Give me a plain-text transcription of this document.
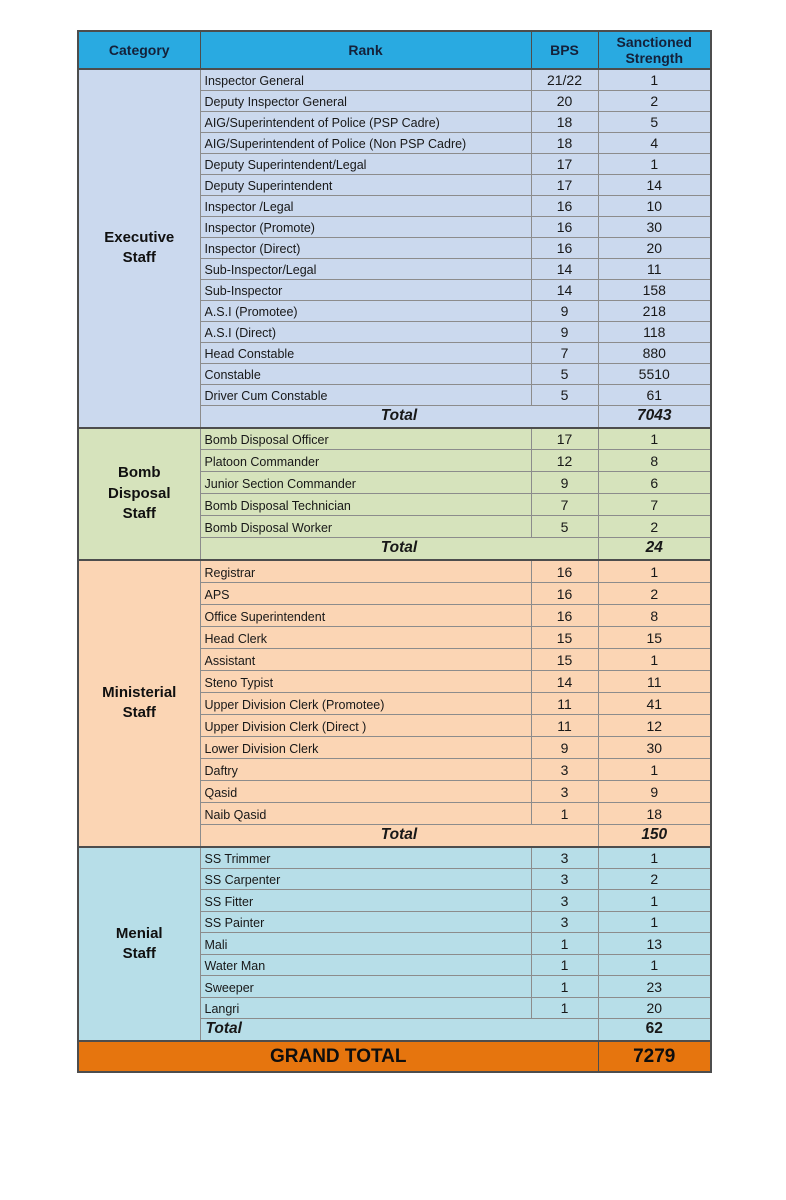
Category	Rank	BPS	Sanctioned Strength

Executive
Staff	Inspector General	21/22	1
	Deputy Inspector General	20	2
	AIG/Superintendent of Police (PSP Cadre)	18	5
	AIG/Superintendent of Police (Non PSP Cadre)	18	4
	Deputy Superintendent/Legal	17	1
	Deputy Superintendent	17	14
	Inspector /Legal	16	10
	Inspector (Promote)	16	30
	Inspector (Direct)	16	20
	Sub-Inspector/Legal	14	11
	Sub-Inspector	14	158
	A.S.I (Promotee)	9	218
	A.S.I (Direct)	9	118
	Head Constable	7	880
	Constable	5	5510
	Driver Cum Constable	5	61
	Total		7043

Bomb
Disposal
Staff	Bomb Disposal Officer	17	1
	Platoon Commander	12	8
	Junior Section Commander	9	6
	Bomb Disposal Technician	7	7
	Bomb Disposal Worker	5	2
	Total		24

Ministerial
Staff	Registrar	16	1
	APS	16	2
	Office Superintendent	16	8
	Head Clerk	15	15
	Assistant	15	1
	Steno Typist	14	11
	Upper Division Clerk (Promotee)	11	41
	Upper Division Clerk (Direct )	11	12
	Lower Division Clerk	9	30
	Daftry	3	1
	Qasid	3	9
	Naib Qasid	1	18
	Total		150

Menial
Staff	SS Trimmer	3	1
	SS Carpenter	3	2
	SS Fitter	3	1
	SS Painter	3	1
	Mali	1	13
	Water Man	1	1
	Sweeper	1	23
	Langri	1	20
	Total		62
GRAND TOTAL			7279
